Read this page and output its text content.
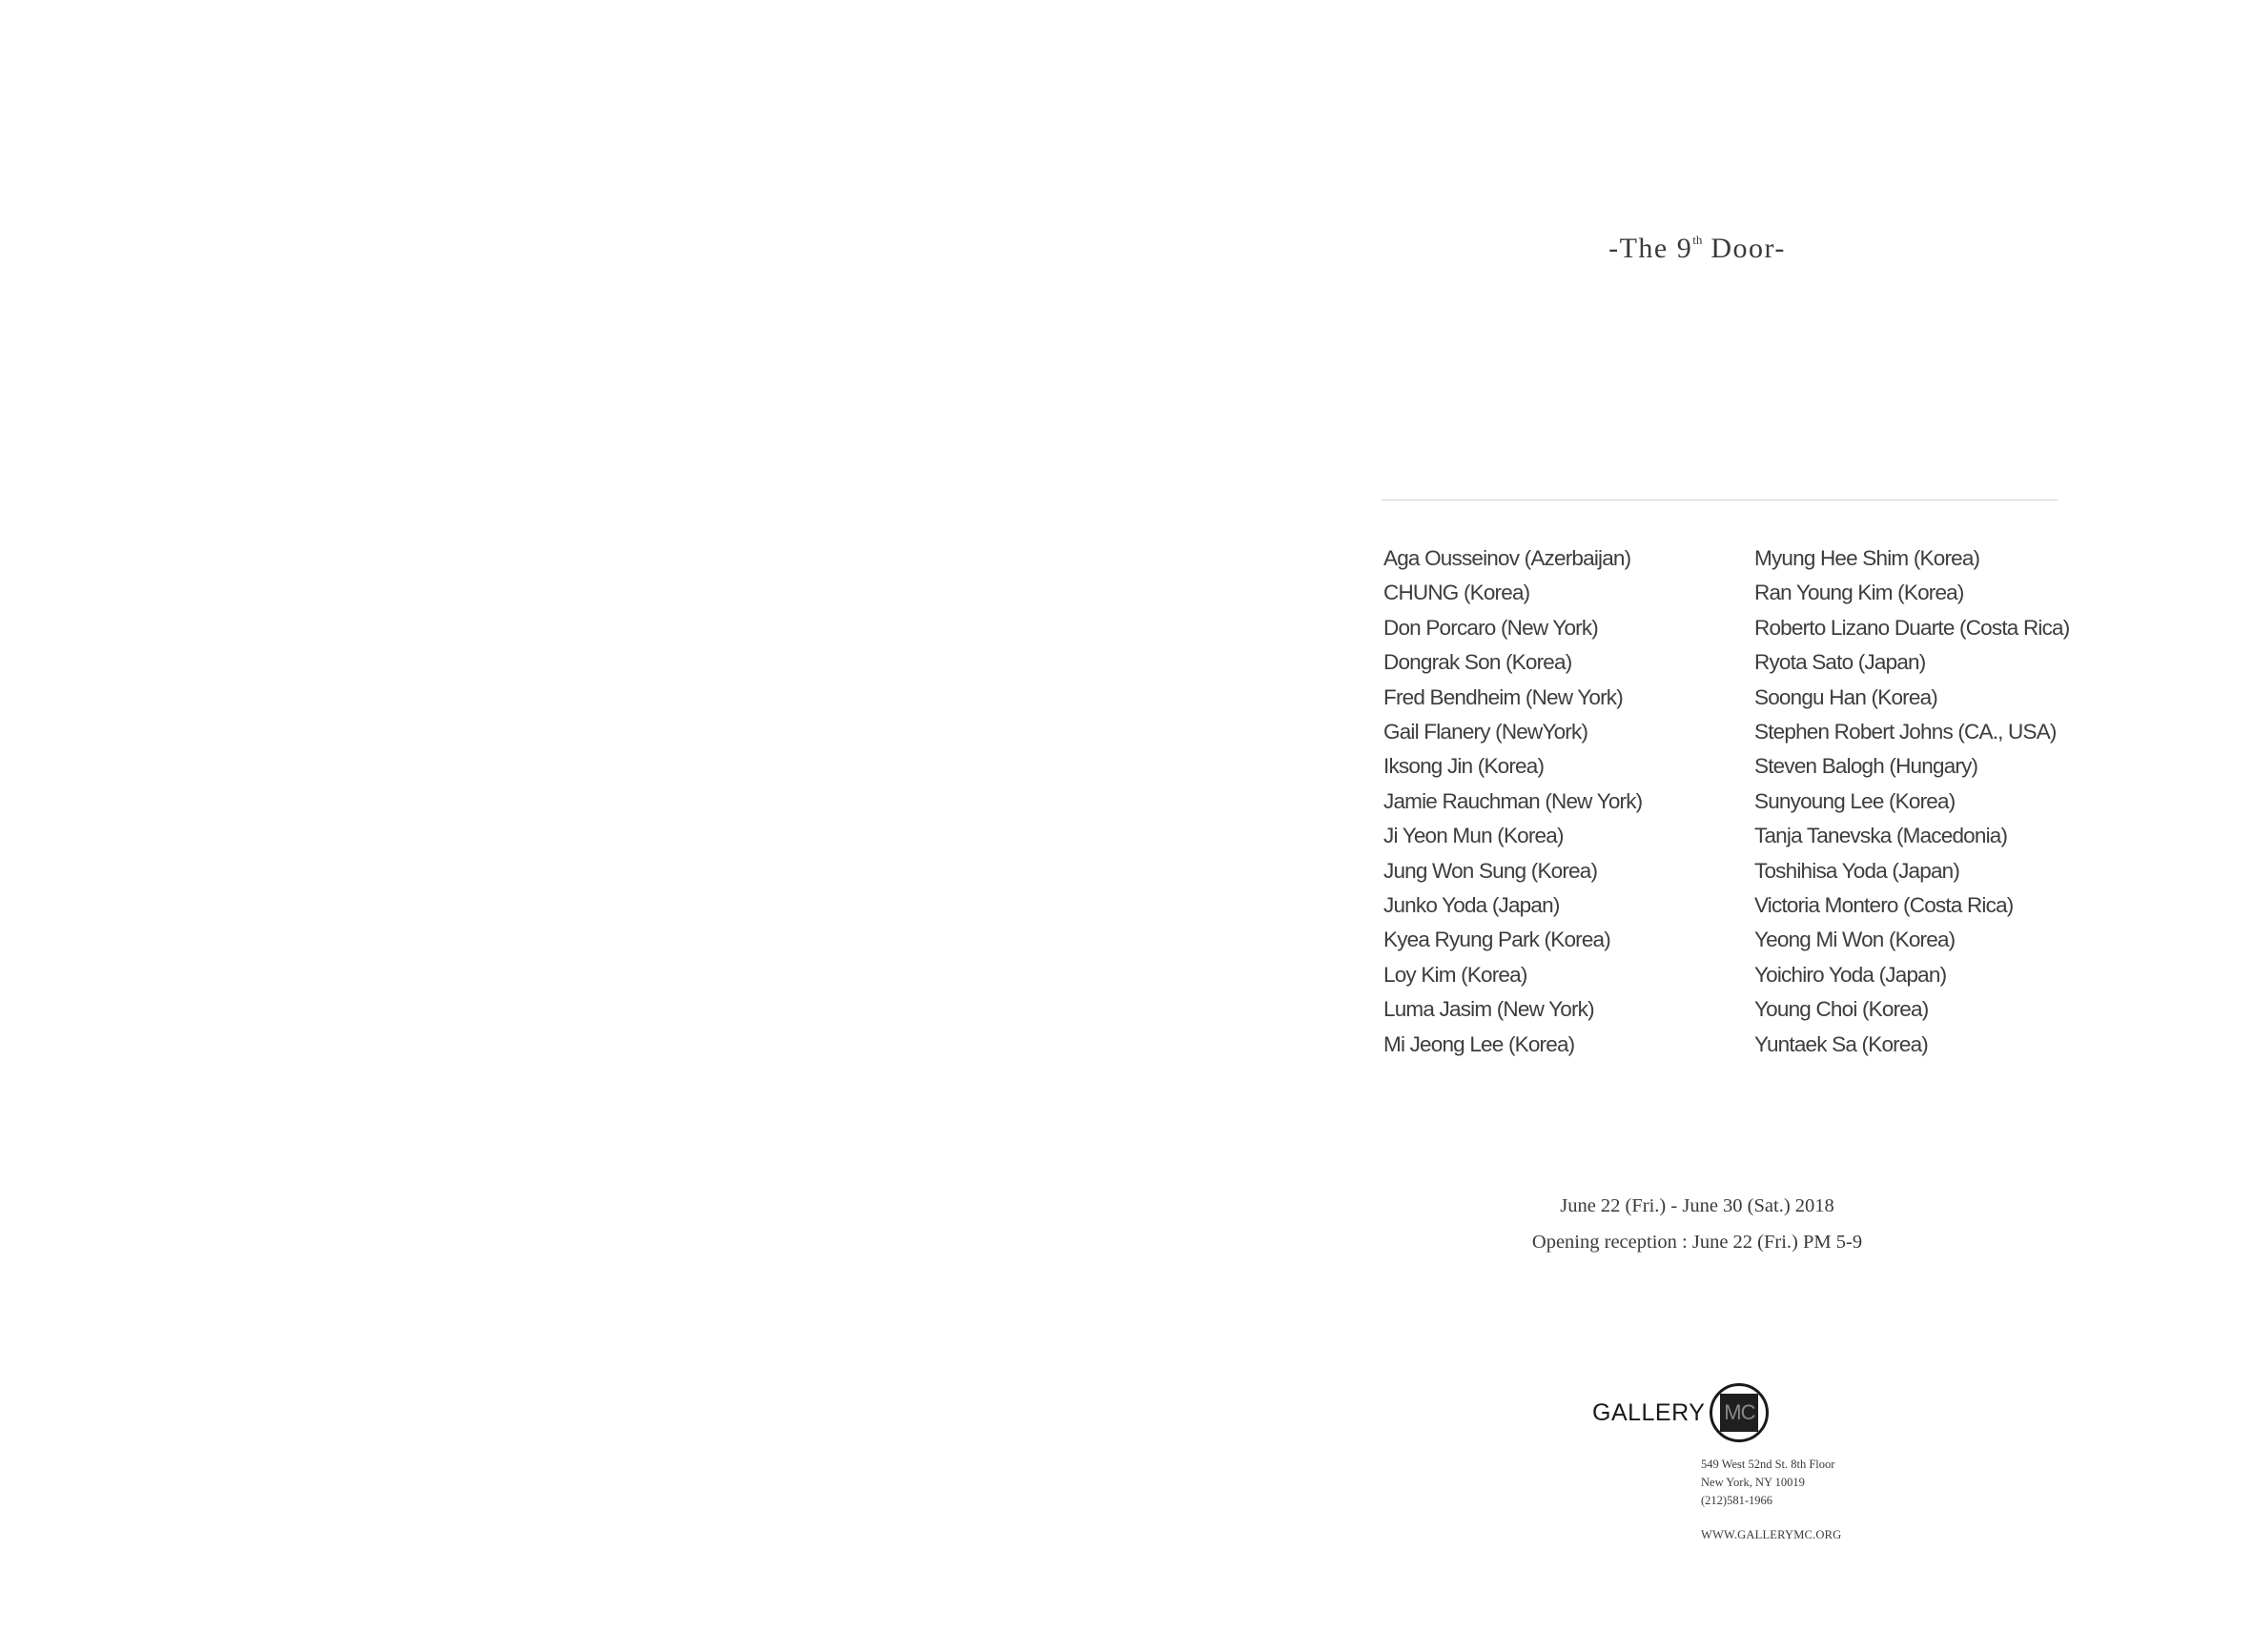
-The 9th Door-
Aga Ousseinov (Azerbaijan)
CHUNG (Korea)
Don Porcaro (New York)
Dongrak Son (Korea)
Fred Bendheim (New York)
Gail Flanery (NewYork)
Iksong Jin (Korea)
Jamie Rauchman (New York)
Ji Yeon Mun (Korea)
Jung Won Sung (Korea)
Junko Yoda (Japan)
Kyea Ryung Park (Korea)
Loy Kim (Korea)
Luma Jasim (New York)
Mi Jeong Lee (Korea)
Myung Hee Shim (Korea)
Ran Young Kim (Korea)
Roberto Lizano Duarte (Costa Rica)
Ryota Sato (Japan)
Soongu Han (Korea)
Stephen Robert Johns (CA., USA)
Steven Balogh (Hungary)
Sunyoung Lee (Korea)
Tanja Tanevska (Macedonia)
Toshihisa Yoda (Japan)
Victoria Montero (Costa Rica)
Yeong Mi Won (Korea)
Yoichiro Yoda (Japan)
Young Choi (Korea)
Yuntaek Sa (Korea)
June 22 (Fri.) - June 30 (Sat.) 2018
Opening reception : June 22 (Fri.) PM 5-9
GALLERY MC
549 West 52nd St. 8th Floor
New York, NY 10019
(212)581-1966
WWW.GALLERYMC.ORG
